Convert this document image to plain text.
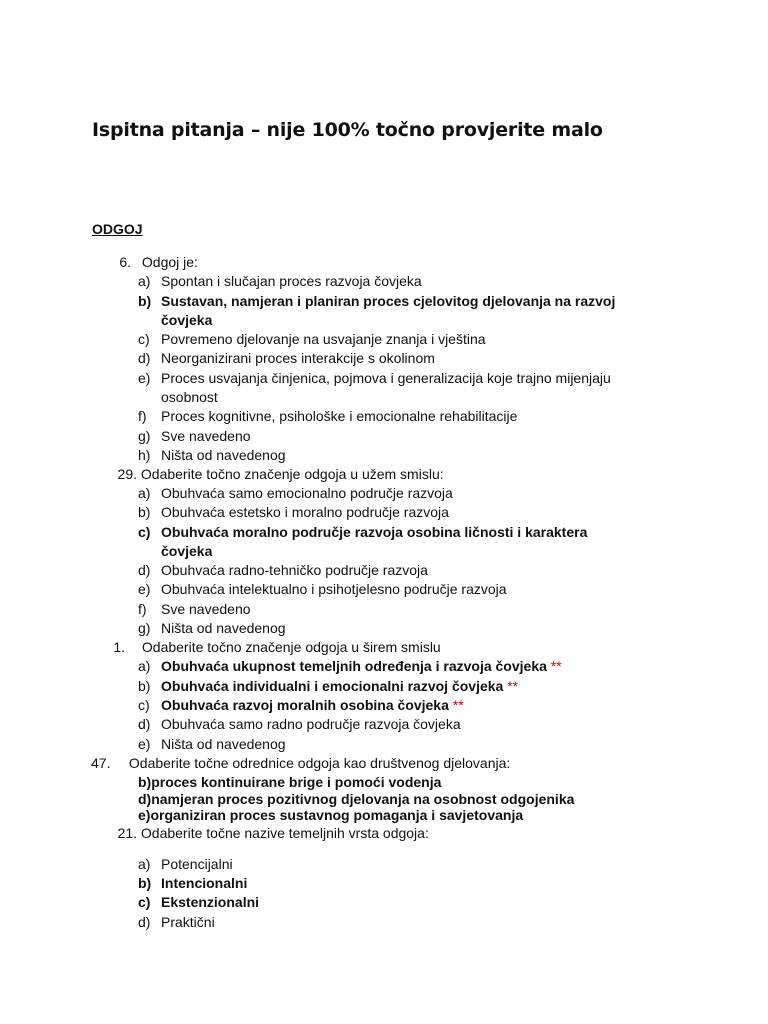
Ispitna pitanja – nije 100% točno provjerite malo
ODGOJ
6. Odgoj je:
a) Spontan i slučajan proces razvoja čovjeka
b) Sustavan, namjeran i planiran proces cjelovitog djelovanja na razvoj
čovjeka
c) Povremeno djelovanje na usvajanje znanja i vještina
d) Neorganizirani proces interakcije s okolinom
e) Proces usvajanja činjenica, pojmova i generalizacija koje trajno mijenjaju
osobnost
f) Proces kognitivne, psihološke i emocionalne rehabilitacije
g) Sve navedeno
h) Ništa od navedenog
29. Odaberite točno značenje odgoja u užem smislu:
a) Obuhvaća samo emocionalno područje razvoja
b) Obuhvaća estetsko i moralno područje razvoja
c) Obuhvaća moralno područje razvoja osobina ličnosti i karaktera
čovjeka
d) Obuhvaća radno-tehničko područje razvoja
e) Obuhvaća intelektualno i psihotjelesno područje razvoja
f) Sve navedeno
g) Ništa od navedenog
1. Odaberite točno značenje odgoja u širem smislu
a) Obuhvaća ukupnost temeljnih određenja i razvoja čovjeka **
b) Obuhvaća individualni i emocionalni razvoj čovjeka **
c) Obuhvaća razvoj moralnih osobina čovjeka **
d) Obuhvaća samo radno područje razvoja čovjeka
e) Ništa od navedenog
47. Odaberite točne odrednice odgoja kao društvenog djelovanja:
b)proces kontinuirane brige i pomoći vodenja
d)namjeran proces pozitivnog djelovanja na osobnost odgojenika
e)organiziran proces sustavnog pomaganja i savjetovanja
21. Odaberite točne nazive temeljnih vrsta odgoja:
a) Potencijalni
b) Intencionalni
c) Ekstenzionalni
d) Praktični
